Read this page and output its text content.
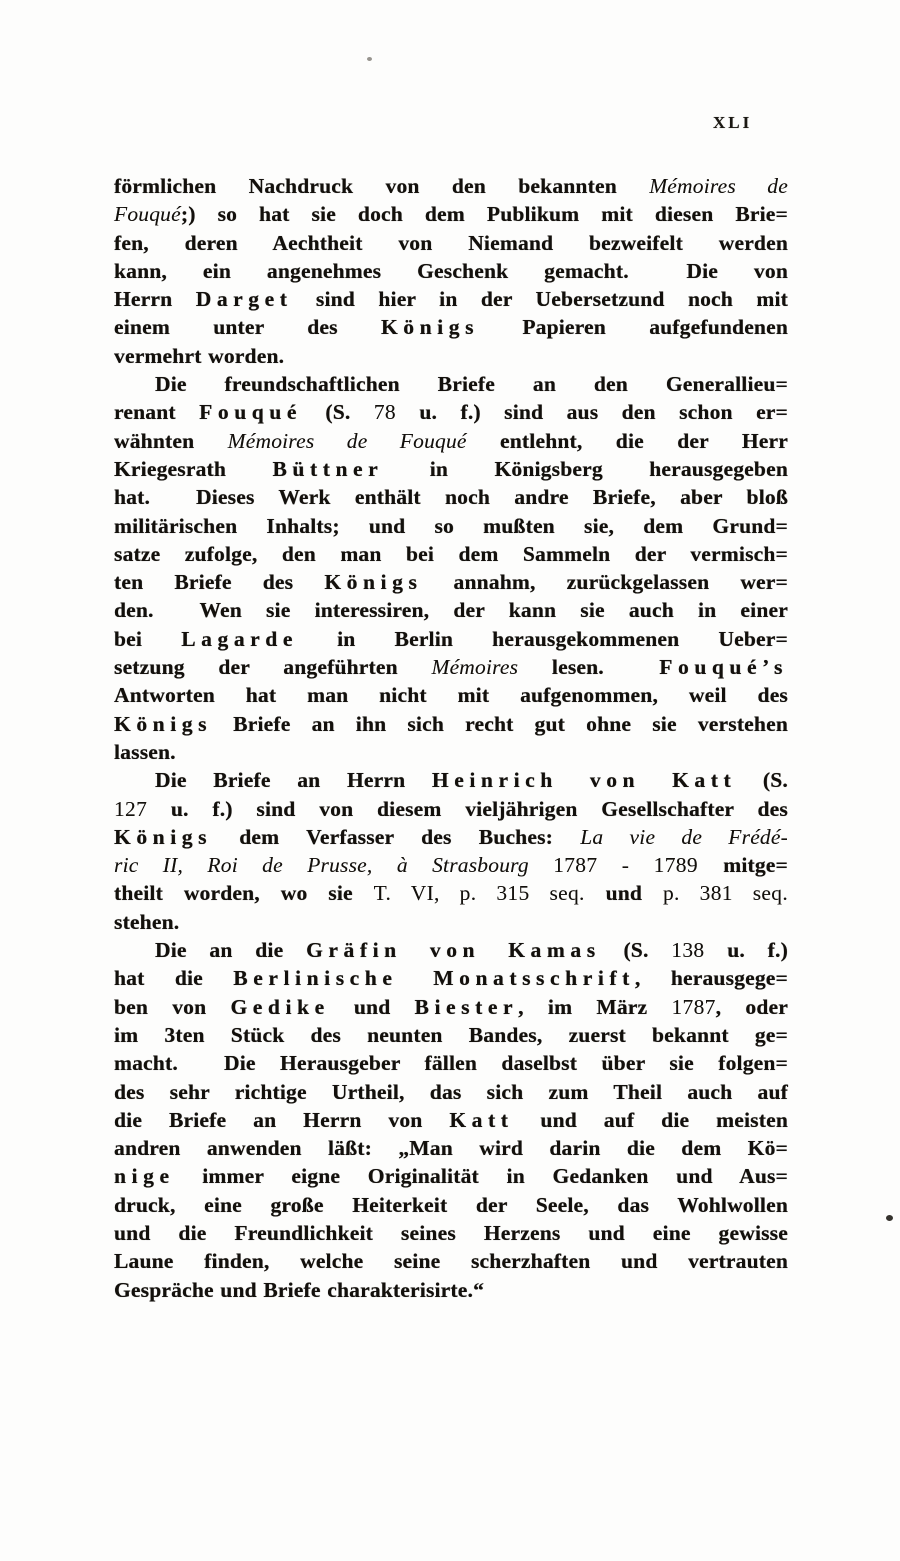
XLI
förmlichen Nachdruck von den bekannten Mémoires de
Fouqué;) so hat sie doch dem Publikum mit diesen Brie=
fen, deren Aechtheit von Niemand bezweifelt werden
kann, ein angenehmes Geschenk gemacht.  Die von
Herrn Darget sind hier in der Uebersetzund noch mit
einem unter des Königs Papieren aufgefundenen
vermehrt worden.
Die freundschaftlichen Briefe an den Generallieu=
renant Fouqué (S. 78 u. f.) sind aus den schon er=
wähnten Mémoires de Fouqué entlehnt, die der Herr
Kriegesrath Büttner in Königsberg herausgegeben
hat.  Dieses Werk enthält noch andre Briefe, aber bloß
militärischen Inhalts; und so mußten sie, dem Grund=
satze zufolge, den man bei dem Sammeln der vermisch=
ten Briefe des Königs annahm, zurückgelassen wer=
den.  Wen sie interessiren, der kann sie auch in einer
bei Lagarde in Berlin herausgekommenen Ueber=
setzung der angeführten Mémoires lesen.  Fouqué’s
Antworten hat man nicht mit aufgenommen, weil des
Königs Briefe an ihn sich recht gut ohne sie verstehen
lassen.
Die Briefe an Herrn Heinrich von Katt (S.
127 u. f.) sind von diesem vieljährigen Gesellschafter des
Königs dem Verfasser des Buches: La vie de Frédé-
ric II, Roi de Prusse, à Strasbourg 1787 - 1789 mitge=
theilt worden, wo sie T. VI, p. 315 seq. und p. 381 seq.
stehen.
Die an die Gräfin von Kamas (S. 138 u. f.)
hat die Berlinische Monatsschrift, herausgege=
ben von Gedike und Biester, im März 1787, oder
im 3ten Stück des neunten Bandes, zuerst bekannt ge=
macht.  Die Herausgeber fällen daselbst über sie folgen=
des sehr richtige Urtheil, das sich zum Theil auch auf
die Briefe an Herrn von Katt und auf die meisten
andren anwenden läßt: „Man wird darin die dem Kö=
nige immer eigne Originalität in Gedanken und Aus=
druck, eine große Heiterkeit der Seele, das Wohlwollen
und die Freundlichkeit seines Herzens und eine gewisse
Laune finden, welche seine scherzhaften und vertrauten
Gespräche und Briefe charakterisirte.“
